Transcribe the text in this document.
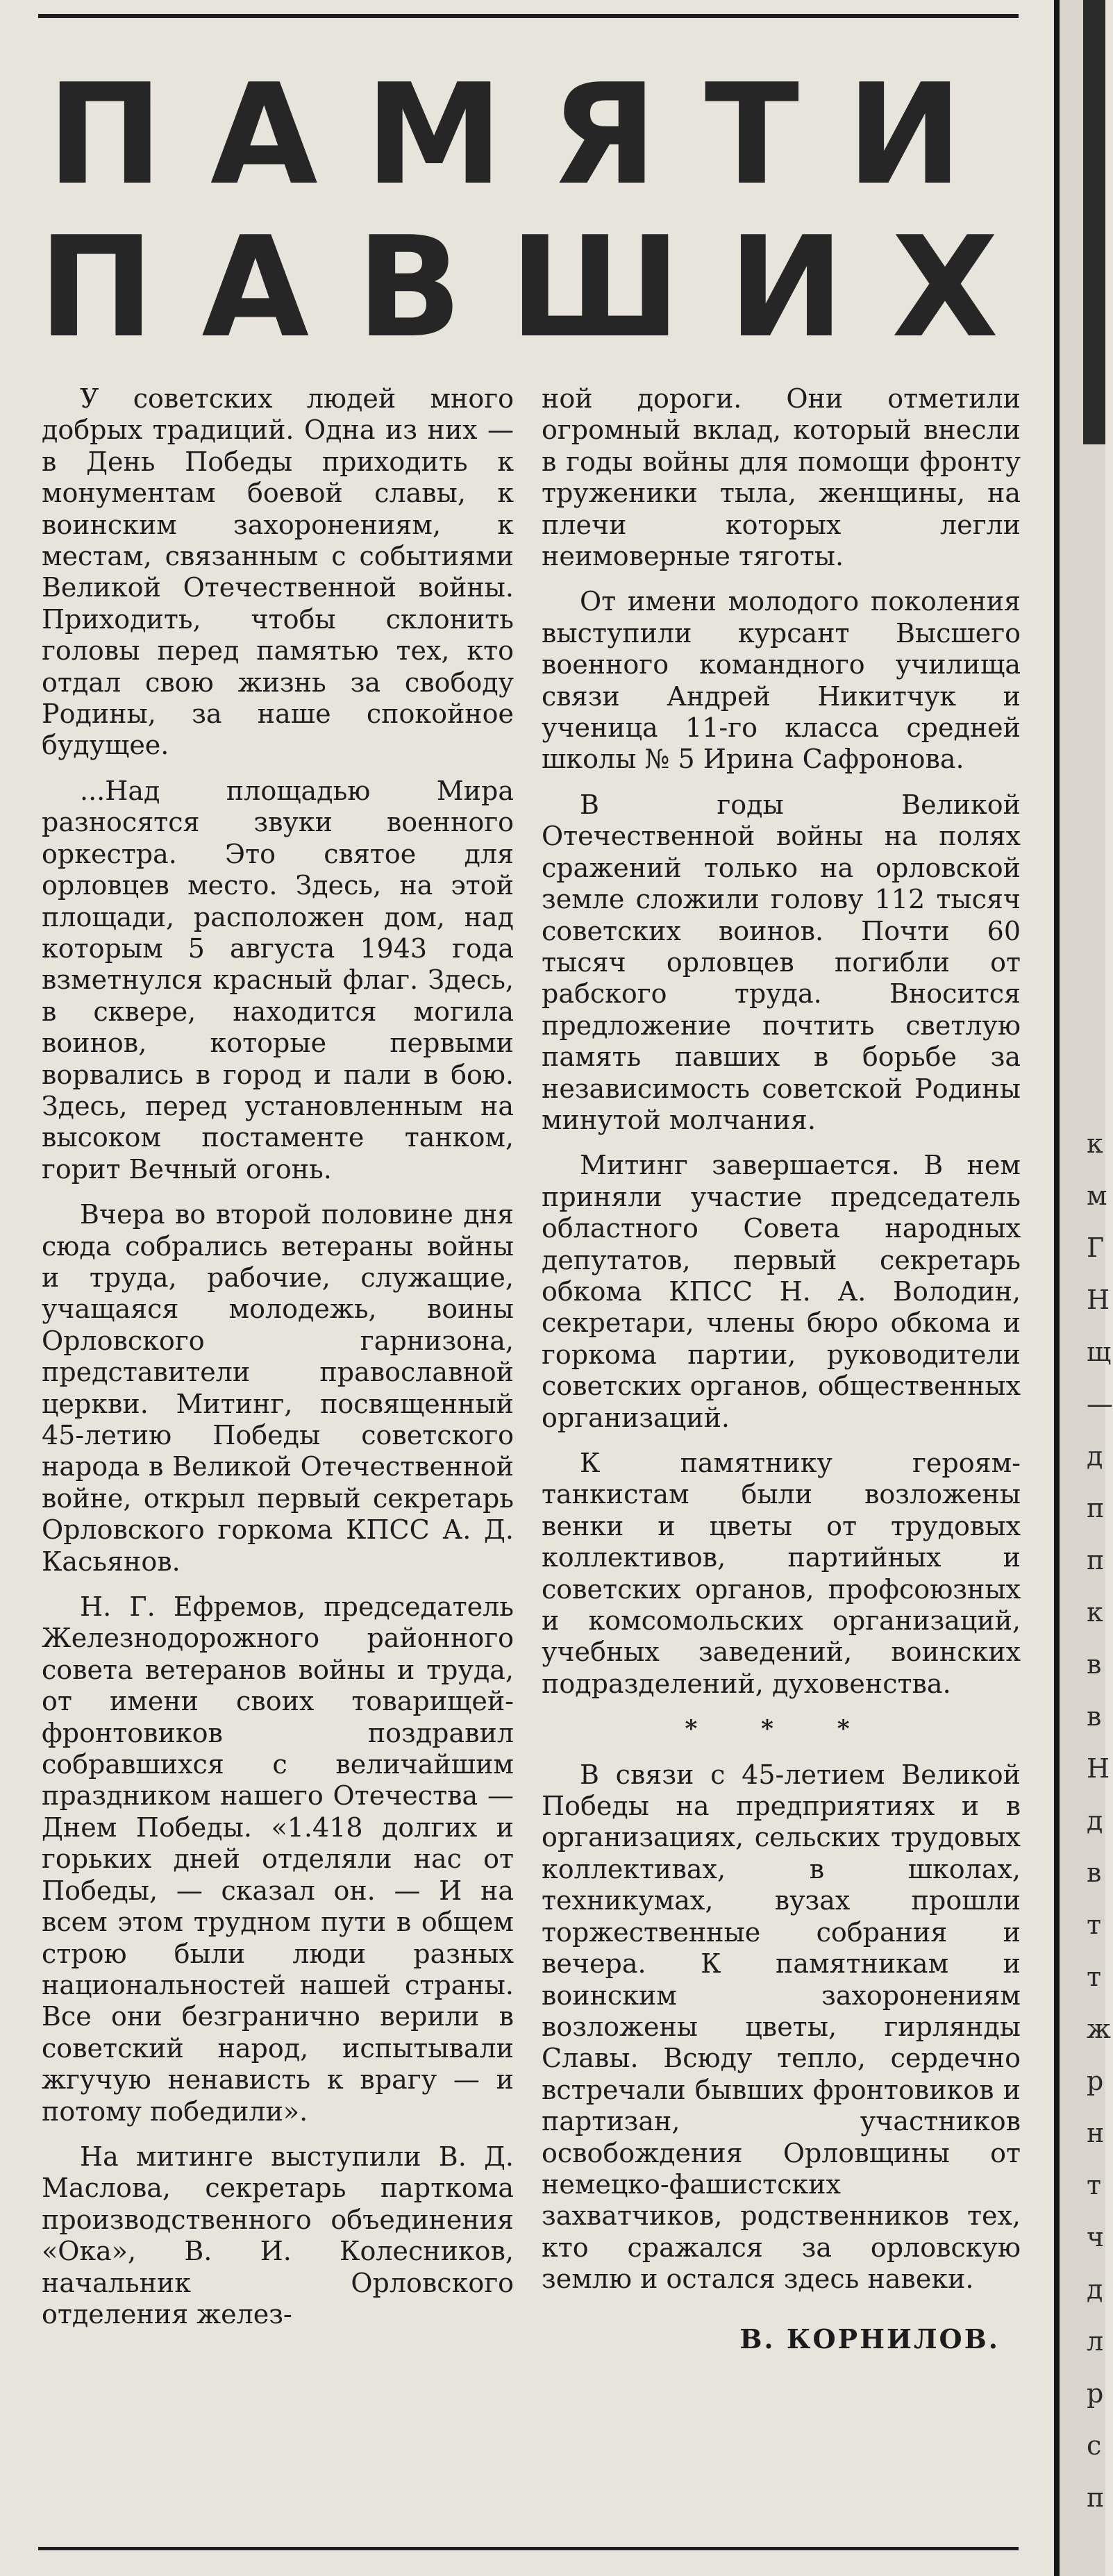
ПАМЯТИ
ПАВШИХ

У советских людей много добрых традиций. Одна из них — в День Победы приходить к монументам боевой славы, к воинским захоронениям, к местам, связанным с событиями Великой Отечественной войны. Приходить, чтобы склонить головы перед памятью тех, кто отдал свою жизнь за свободу Родины, за наше спокойное будущее.

...Над площадью Мира разносятся звуки военного оркестра. Это святое для орловцев место. Здесь, на этой площади, расположен дом, над которым 5 августа 1943 года взметнулся красный флаг. Здесь, в сквере, находится могила воинов, которые первыми ворвались в город и пали в бою. Здесь, перед установленным на высоком постаменте танком, горит Вечный огонь.

Вчера во второй половине дня сюда собрались ветераны войны и труда, рабочие, служащие, учащаяся молодежь, воины Орловского гарнизона, представители православной церкви. Митинг, посвященный 45-летию Победы советского народа в Великой Отечественной войне, открыл первый секретарь Орловского горкома КПСС А. Д. Касьянов.

Н. Г. Ефремов, председатель Железнодорожного районного совета ветеранов войны и труда, от имени своих товарищей-фронтовиков поздравил собравшихся с величайшим праздником нашего Отечества — Днем Победы. «1.418 долгих и горьких дней отделяли нас от Победы, — сказал он. — И на всем этом трудном пути в общем строю были люди разных национальностей нашей страны. Все они безгранично верили в советский народ, испытывали жгучую ненависть к врагу — и потому победили».

На митинге выступили В. Д. Маслова, секретарь парткома производственного объединения «Ока», В. И. Колесников, начальник Орловского отделения желез-

ной дороги. Они отметили огромный вклад, который внесли в годы войны для помощи фронту труженики тыла, женщины, на плечи которых легли неимоверные тяготы.

От имени молодого поколения выступили курсант Высшего военного командного училища связи Андрей Никитчук и ученица 11-го класса средней школы № 5 Ирина Сафронова.

В годы Великой Отечественной войны на полях сражений только на орловской земле сложили голову 112 тысяч советских воинов. Почти 60 тысяч орловцев погибли от рабского труда. Вносится предложение почтить светлую память павших в борьбе за независимость советской Родины минутой молчания.

Митинг завершается. В нем приняли участие председатель областного Совета народных депутатов, первый секретарь обкома КПСС Н. А. Володин, секретари, члены бюро обкома и горкома партии, руководители советских органов, общественных организаций.

К памятнику героям-танкистам были возложены венки и цветы от трудовых коллективов, партийных и советских органов, профсоюзных и комсомольских организаций, учебных заведений, воинских подразделений, духовенства.

* * *

В связи с 45-летием Великой Победы на предприятиях и в организациях, сельских трудовых коллективах, в школах, техникумах, вузах прошли торжественные собрания и вечера. К памятникам и воинским захоронениям возложены цветы, гирлянды Славы. Всюду тепло, сердечно встречали бывших фронтовиков и партизан, участников освобождения Орловщины от немецко-фашистских захватчиков, родственников тех, кто сражался за орловскую землю и остался здесь навеки.

В. КОРНИЛОВ.
к
м
Г
Н
щ
—
д
п
п
к
в
в
Н
д
в
т
т
ж
р
н
т
ч
д
л
р
с
п
